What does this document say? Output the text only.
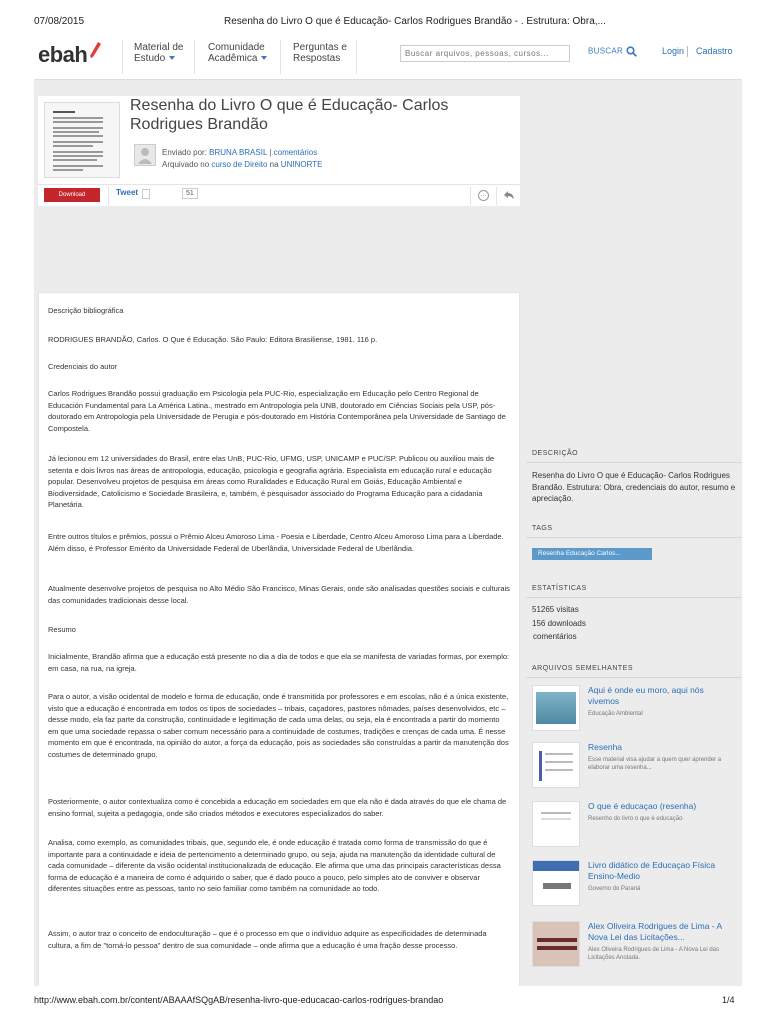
07/08/2015	Resenha do Livro O que é Educação- Carlos Rodrigues Brandão - . Estrutura: Obra,...
ebah	Material de
Estudo
Comunidade
Acadêmica
Perguntas e
Respostas	Buscar arquivos, pessoas, cursos...	BUSCAR	Login Cadastro
Resenha do Livro O que é Educação- Carlos Rodrigues Brandão
Enviado por: BRUNA BRASIL | comentários
Arquivado no curso de Direito na UNINORTE
Download	Tweet	51	…
Descrição bibliográfica
RODRIGUES BRANDÃO, Carlos. O Que é Educação. São Paulo: Editora Brasiliense, 1981. 116 p.
Credenciais do autor
Carlos Rodrigues Brandão possui graduação em Psicologia pela PUC-Rio, especialização em Educação pelo Centro Regional de Educación Fundamental para La América Latina., mestrado em Antropologia pela UNB, doutorado em Ciências Sociais pela USP, pós-doutorado em Antropologia pela Universidade de Perugia e pós-doutorado em História Contemporânea pela Universidade de Santiago de Compostela.
Já lecionou em 12 universidades do Brasil, entre elas UnB, PUC-Rio, UFMG, USP, UNICAMP e PUC/SP. Publicou ou auxiliou mais de setenta e dois livros nas áreas de antropologia, educação, psicologia e geografia agrária. Especialista em educação rural e educação popular. Desenvolveu projetos de pesquisa em áreas como Ruralidades e Educação Rural em Goiás, Educação Ambiental e Biodiversidade, Catolicismo e Sociedade Brasileira, e, também, é pesquisador associado do Programa Educação para a cidadania Planetária.
Entre outros títulos e prêmios, possui o Prêmio Alceu Amoroso Lima - Poesia e Liberdade, Centro Alceu Amoroso Lima para a Liberdade. Além disso, é Professor Emérito da Universidade Federal de Uberlândia, Universidade Federal de Uberlândia.
Atualmente desenvolve projetos de pesquisa no Alto Médio São Francisco, Minas Gerais, onde são analisadas questões sociais e culturais das comunidades tradicionais desse local.
Resumo
Inicialmente, Brandão afirma que a educação está presente no dia a dia de todos e que ela se manifesta de variadas formas, por exemplo: em casa, na rua, na igreja.
Para o autor, a visão ocidental de modelo e forma de educação, onde é transmitida por professores e em escolas, não é a única existente, visto que a educação é encontrada em todos os tipos de sociedades – tribais, caçadores, pastores nômades, países desenvolvidos, etc – desse modo, ela faz parte da construção, continuidade e legitimação de cada uma delas, ou seja, ela é encontrada a partir do momento em que uma sociedade repassa o saber comum necessário para a continuidade de costumes, tradições e crenças de cada uma. É nesse momento em que é encontrada, na opinião do autor, a força da educação, pois as sociedades são construídas a partir da manutenção dos costumes de determinado grupo.
Posteriormente, o autor contextualiza como é concebida a educação em sociedades em que ela não é dada através do que ele chama de ensino formal, sujeita a pedagogia, onde são criados métodos e executores especializados do saber.
Analisa, como exemplo, as comunidades tribais, que, segundo ele, é onde educação é tratada como forma de transmissão do que é importante para a continuidade e ideia de pertencimento a determinado grupo, ou seja, ajuda na manutenção da identidade cultural de cada comunidade – diferente da visão ocidental institucionalizada de educação. Ele afirma que uma das principais características dessa forma de educação é a maneira de como é adquirido o saber, que é dado pouco a pouco, pelo simples ato de conviver e observar diferentes situações entre as pessoas, tanto no seio familiar como também na comunidade ao todo.
Assim, o autor traz o conceito de endoculturação – que é o processo em que o indivíduo adquire as especificidades de determinada cultura, a fim de "torná-lo pessoa" dentro de sua comunidade – onde afirma que a educação é uma fração desse processo.
DESCRIÇÃO
Resenha do Livro O que é Educação- Carlos Rodrigues Brandão. Estrutura: Obra, credenciais do autor, resumo e apreciação.
TAGS
Resenha Educação Carlos...
ESTATÍSTICAS
51265 visitas
156 downloads
comentários
ARQUIVOS SEMELHANTES
Aqui é onde eu moro, aqui nós vivemos
Educação Ambiental
Resenha
Esse material visa ajudar a quem quer aprender a elaborar uma resenha...
O que é educaçao (resenha)
Resenho do livro o que é educação
Livro didático de Educaçao Física Ensino-Medio
Governo do Paraná
Alex Oliveira Rodrigues de Lima - A Nova Lei das Licitações...
Alex Oliveira Rodrigues de Lima - A Nova Lei das Licitações Anotada.
http://www.ebah.com.br/content/ABAAAfSQgAB/resenha-livro-que-educacao-carlos-rodrigues-brandao	1/4
